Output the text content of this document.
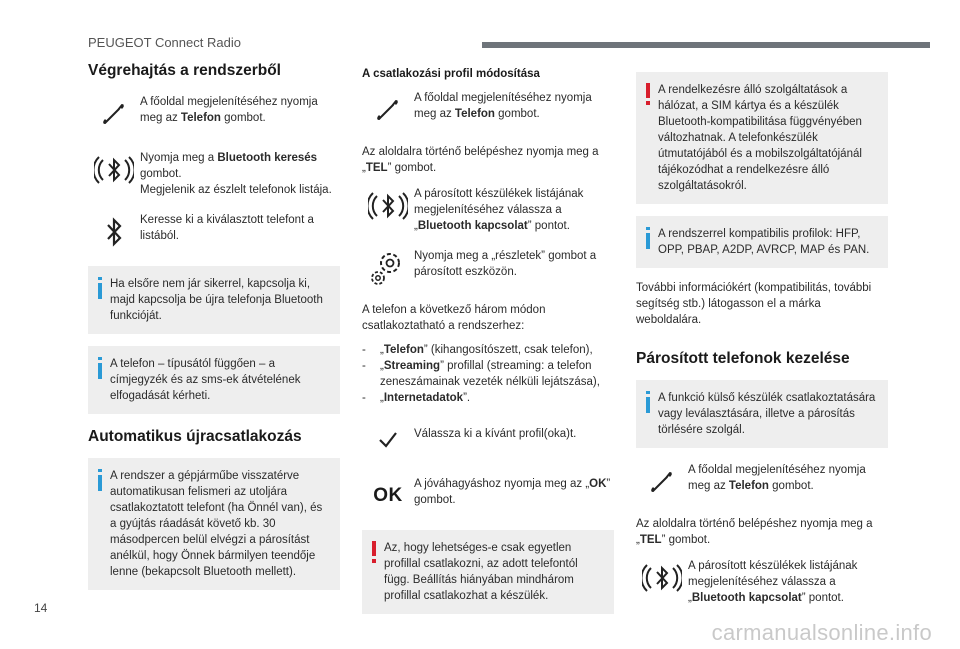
PEUGEOT Connect Radio
Végrehajtás a rendszerből
A főoldal megjelenítéséhez nyomja meg az Telefon gombot.
Nyomja meg a Bluetooth keresés gombot.
Megjelenik az észlelt telefonok listája.
Keresse ki a kiválasztott telefont a listából.
Ha elsőre nem jár sikerrel, kapcsolja ki, majd kapcsolja be újra telefonja Bluetooth funkcióját.
A telefon – típusától függően – a címjegyzék és az sms-ek átvételének elfogadását kérheti.
Automatikus újracsatlakozás
A rendszer a gépjárműbe visszatérve automatikusan felismeri az utoljára csatlakoztatott telefont (ha Önnél van), és a gyújtás ráadását követő kb. 30 másodpercen belül elvégzi a párosítást anélkül, hogy Önnek bármilyen teendője lenne (bekapcsolt Bluetooth mellett).
A csatlakozási profil módosítása
A főoldal megjelenítéséhez nyomja meg az Telefon gombot.

Az aloldalra történő belépéshez nyomja meg a „TEL” gombot.

A párosított készülékek listájának megjelenítéséhez válassza a „Bluetooth kapcsolat” pontot.
Nyomja meg a „részletek” gombot a párosított eszközön.

A telefon a következő három módon csatlakoztatható a rendszerhez:

-	„Telefon” (kihangosítószett, csak telefon),
-	„Streaming” profillal (streaming: a telefon zeneszámainak vezeték nélküli lejátszása),
-	„Internetadatok”.
Válassza ki a kívánt profil(oka)t.
OK
A jóváhagyáshoz nyomja meg az „OK” gombot.
Az, hogy lehetséges-e csak egyetlen profillal csatlakozni, az adott telefontól függ. Beállítás hiányában mindhárom profillal csatlakozhat a készülék.
A rendelkezésre álló szolgáltatások a hálózat, a SIM kártya és a készülék Bluetooth-kompatibilitása függvényében változhatnak. A telefonkészülék útmutatójából és a mobilszolgáltatójánál tájékozódhat a rendelkezésre álló szolgáltatásokról.
A rendszerrel kompatibilis profilok: HFP, OPP, PBAP, A2DP, AVRCP, MAP és PAN.

További információkért (kompatibilitás, további segítség stb.) látogasson el a márka weboldalára.

Párosított telefonok kezelése
A funkció külső készülék csatlakoztatására vagy leválasztására, illetve a párosítás törlésére szolgál.
A főoldal megjelenítéséhez nyomja meg az Telefon gombot.

Az aloldalra történő belépéshez nyomja meg a „TEL” gombot.

A párosított készülékek listájának megjelenítéséhez válassza a „Bluetooth kapcsolat” pontot.
14
carmanualsonline.info
